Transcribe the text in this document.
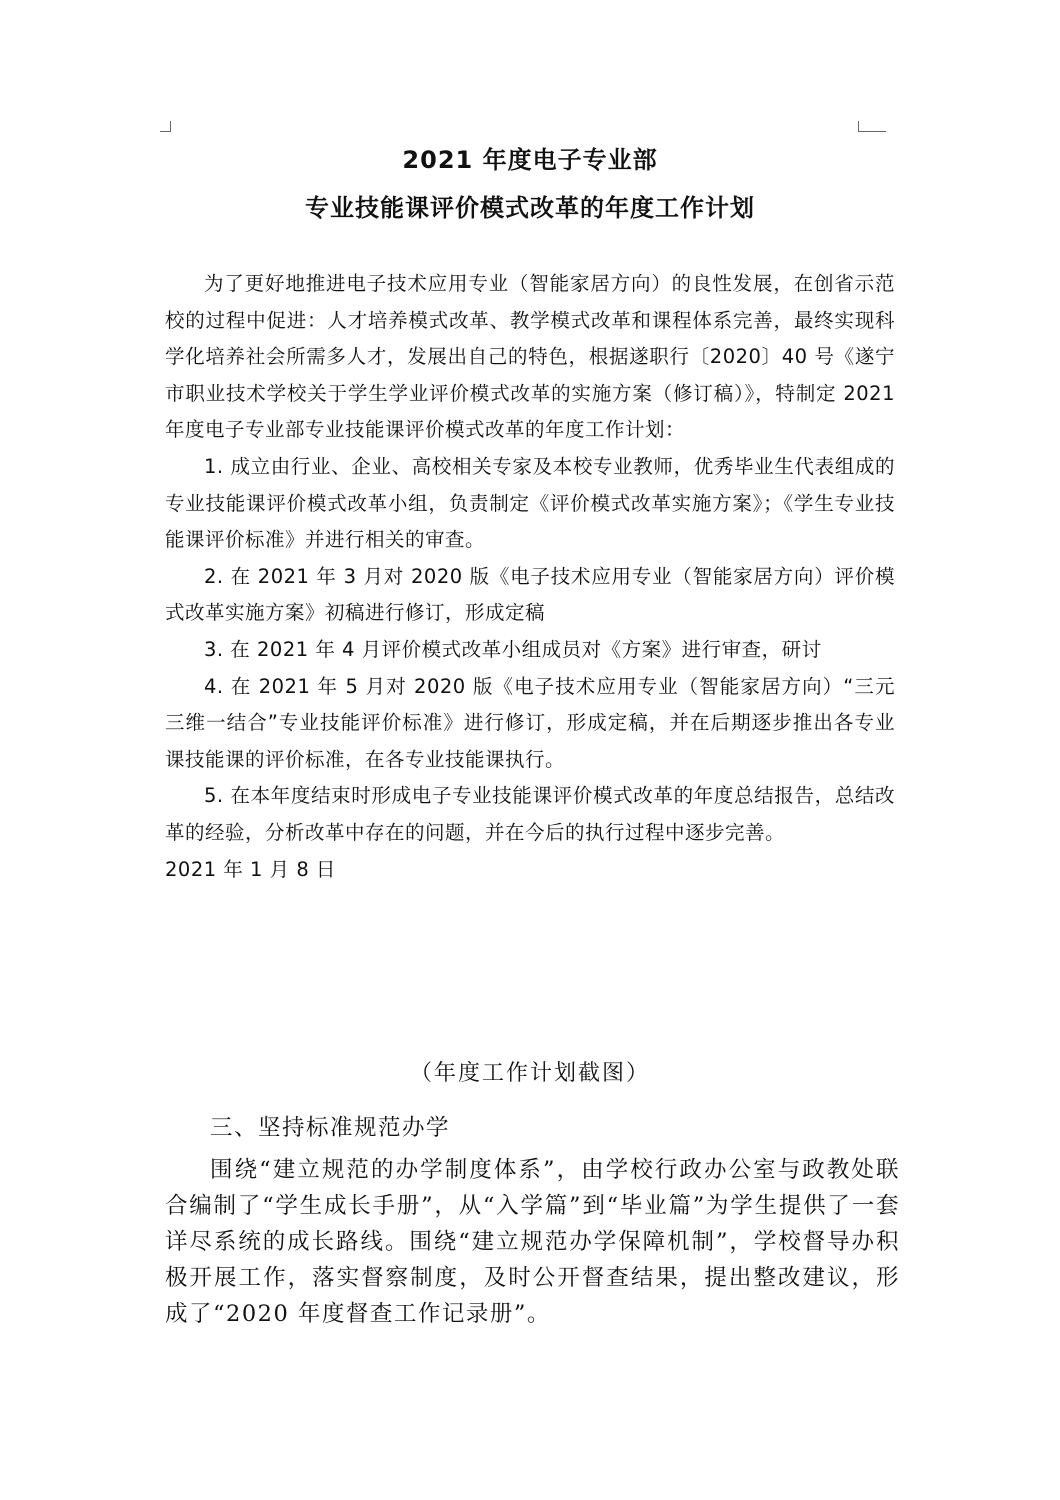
2021 年度电子专业部
专业技能课评价模式改革的年度工作计划

为了更好地推进电子技术应用专业（智能家居方向）的良性发展，在创省示范校的过程中促进：人才培养模式改革、教学模式改革和课程体系完善，最终实现科学化培养社会所需多人才，发展出自己的特色，根据遂职行〔2020〕40 号《遂宁市职业技术学校关于学生学业评价模式改革的实施方案（修订稿）》，特制定 2021 年度电子专业部专业技能课评价模式改革的年度工作计划：

1. 成立由行业、企业、高校相关专家及本校专业教师，优秀毕业生代表组成的专业技能课评价模式改革小组，负责制定《评价模式改革实施方案》；《学生专业技能课评价标准》并进行相关的审查。

2. 在 2021 年 3 月对 2020 版《电子技术应用专业（智能家居方向）评价模式改革实施方案》初稿进行修订，形成定稿

3. 在 2021 年 4 月评价模式改革小组成员对《方案》进行审查，研讨

4. 在 2021 年 5 月对 2020 版《电子技术应用专业（智能家居方向）“三元三维一结合”专业技能评价标准》进行修订，形成定稿，并在后期逐步推出各专业课技能课的评价标准，在各专业技能课执行。

5. 在本年度结束时形成电子专业技能课评价模式改革的年度总结报告，总结改革的经验，分析改革中存在的问题，并在今后的执行过程中逐步完善。

2021 年 1 月 8 日

（年度工作计划截图）
三、坚持标准规范办学

围绕“建立规范的办学制度体系”，由学校行政办公室与政教处联合编制了“学生成长手册”，从“入学篇”到“毕业篇”为学生提供了一套详尽系统的成长路线。围绕“建立规范办学保障机制”，学校督导办积极开展工作，落实督察制度，及时公开督查结果，提出整改建议，形成了“2020 年度督查工作记录册”。
